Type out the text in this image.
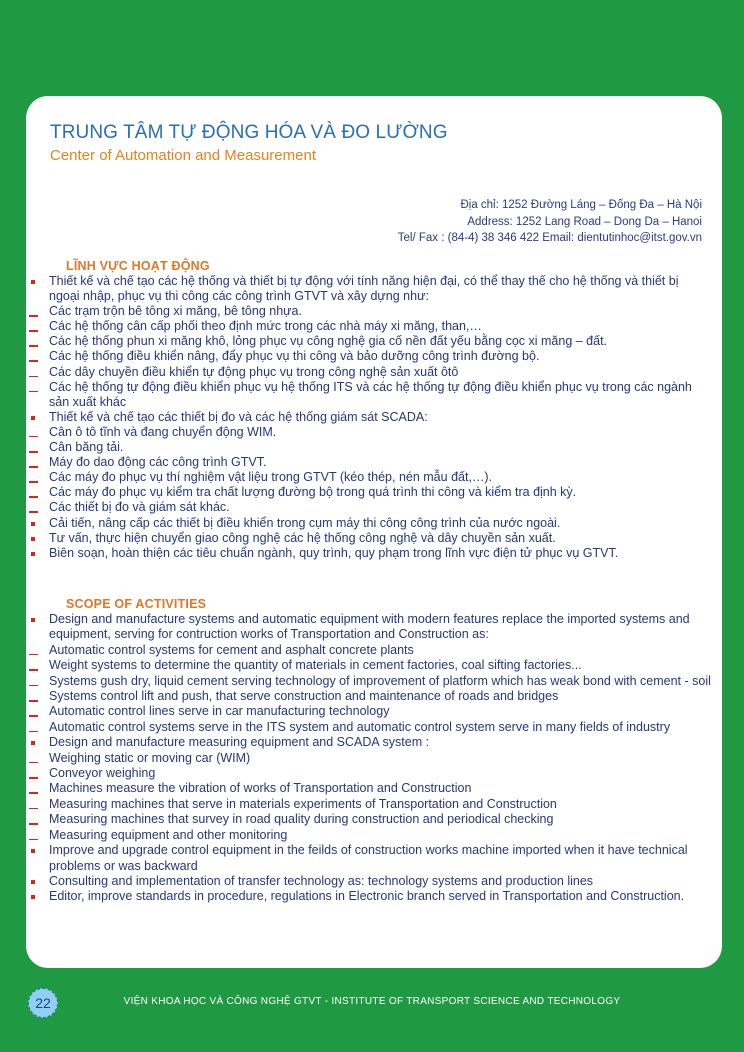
TRUNG TÂM TỰ ĐỘNG HÓA VÀ ĐO LƯỜNG
Center of Automation and Measurement
Địa chỉ: 1252 Đường Láng – Đống Đa – Hà Nội
Address: 1252 Lang Road – Dong Da – Hanoi
Tel/ Fax : (84-4) 38 346 422 Email: dientutinhoc@itst.gov.vn
LĨNH VỰC HOẠT ĐỘNG
Thiết kế và chế tạo các hệ thống và thiết bị tự động với tính năng hiện đại, có thể thay thế cho hệ thống và thiết bị ngoại nhập, phục vụ thi công các công trình GTVT và xây dựng như:
Các trạm trộn bê tông xi măng, bê tông nhựa.
Các hệ thống cân cấp phối theo định mức trong các nhà máy xi măng, than,…
Các hệ thống phun xi măng khô, lỏng phục vụ công nghệ gia cố nền đất yếu bằng cọc xi măng – đất.
Các hệ thống điều khiển nâng, đẩy phục vụ thi công và bảo dưỡng công trình đường bộ.
Các dây chuyền điều khiển tự động phục vụ trong công nghệ sản xuất ôtô
Các hệ thống tự động điều khiển phục vụ hệ thống ITS và các hệ thống tự động điều khiển phục vụ trong các ngành sản xuất khác
Thiết kế và chế tạo các thiết bị đo và các hệ thống giám sát SCADA:
Cân ô tô tĩnh và đang chuyển động WIM.
Cân băng tải.
Máy đo dao động các công trình GTVT.
Các máy đo phục vụ thí nghiệm vật liệu trong GTVT (kéo thép, nén mẫu đất,…).
Các máy đo phục vụ kiểm tra chất lượng đường bộ trong quá trình thi công và kiểm tra định kỳ.
Các thiết bị đo và giám sát khác.
Cải tiến, nâng cấp các thiết bị điều khiển trong cụm máy thi công công trình của nước ngoài.
Tư vấn, thực hiện chuyển giao công nghệ các hệ thống công nghệ và dây chuyền sản xuất.
Biên soạn, hoàn thiện các tiêu chuẩn ngành, quy trình, quy phạm trong lĩnh vực điện tử phục vụ GTVT.
SCOPE OF ACTIVITIES
Design and manufacture systems and automatic equipment with modern features replace the imported systems and equipment, serving for contruction works of Transportation and Construction as:
Automatic control systems for cement and asphalt concrete plants
Weight systems to determine the quantity of materials in cement factories, coal sifting factories...
Systems gush dry, liquid cement serving technology of improvement of platform which has weak bond with cement - soil
Systems control lift and push, that serve construction and maintenance of roads and bridges
Automatic control lines serve in car manufacturing technology
Automatic control systems serve in the ITS system and automatic control system serve in many fields of industry
Design and manufacture measuring equipment and SCADA system :
Weighing static or moving car (WIM)
Conveyor weighing
Machines measure the vibration of works of Transportation and Construction
Measuring machines that serve in materials experiments of Transportation and Construction
Measuring machines that survey in road quality during construction and periodical checking
Measuring equipment and other monitoring
Improve and upgrade control equipment in the feilds of construction works machine imported when it have technical problems or was backward
Consulting and implementation of transfer technology as: technology systems and production lines
Editor, improve standards in procedure, regulations in Electronic branch served in Transportation and Construction.
22	VIỆN KHOA HỌC VÀ CÔNG NGHỆ GTVT - INSTITUTE OF TRANSPORT SCIENCE AND TECHNOLOGY
